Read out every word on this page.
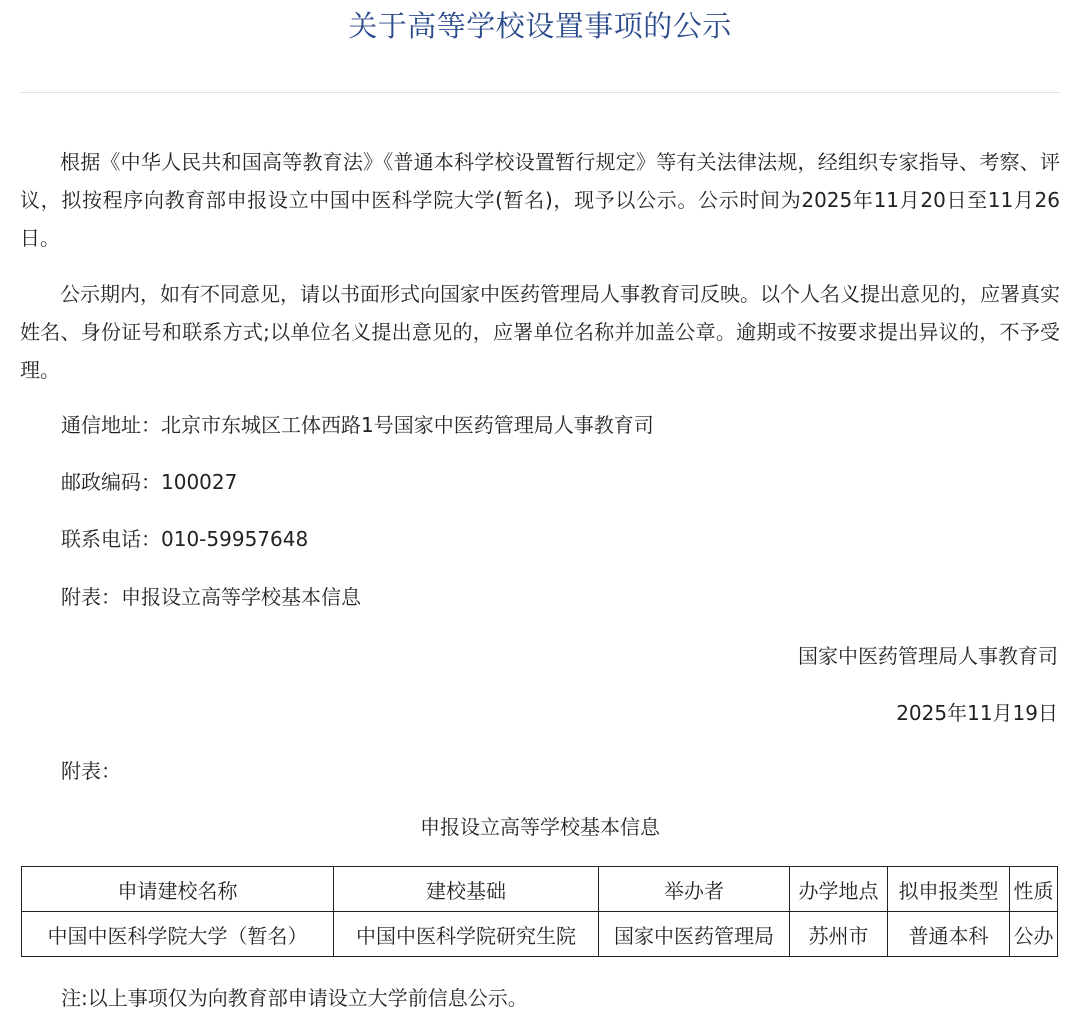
关于高等学校设置事项的公示
根据《中华人民共和国高等教育法》《普通本科学校设置暂行规定》等有关法律法规，经组织专家指导、考察、评议，拟按程序向教育部申报设立中国中医科学院大学(暂名)，现予以公示。公示时间为2025年11月20日至11月26日。
公示期内，如有不同意见，请以书面形式向国家中医药管理局人事教育司反映。以个人名义提出意见的，应署真实姓名、身份证号和联系方式;以单位名义提出意见的，应署单位名称并加盖公章。逾期或不按要求提出异议的，不予受理。
通信地址：北京市东城区工体西路1号国家中医药管理局人事教育司
邮政编码：100027
联系电话：010-59957648
附表：申报设立高等学校基本信息
国家中医药管理局人事教育司
2025年11月19日
附表：
申报设立高等学校基本信息
申请建校名称	建校基础	举办者	办学地点	拟申报类型	性质
中国中医科学院大学（暂名）	中国中医科学院研究生院	国家中医药管理局	苏州市	普通本科	公办
注:以上事项仅为向教育部申请设立大学前信息公示。
